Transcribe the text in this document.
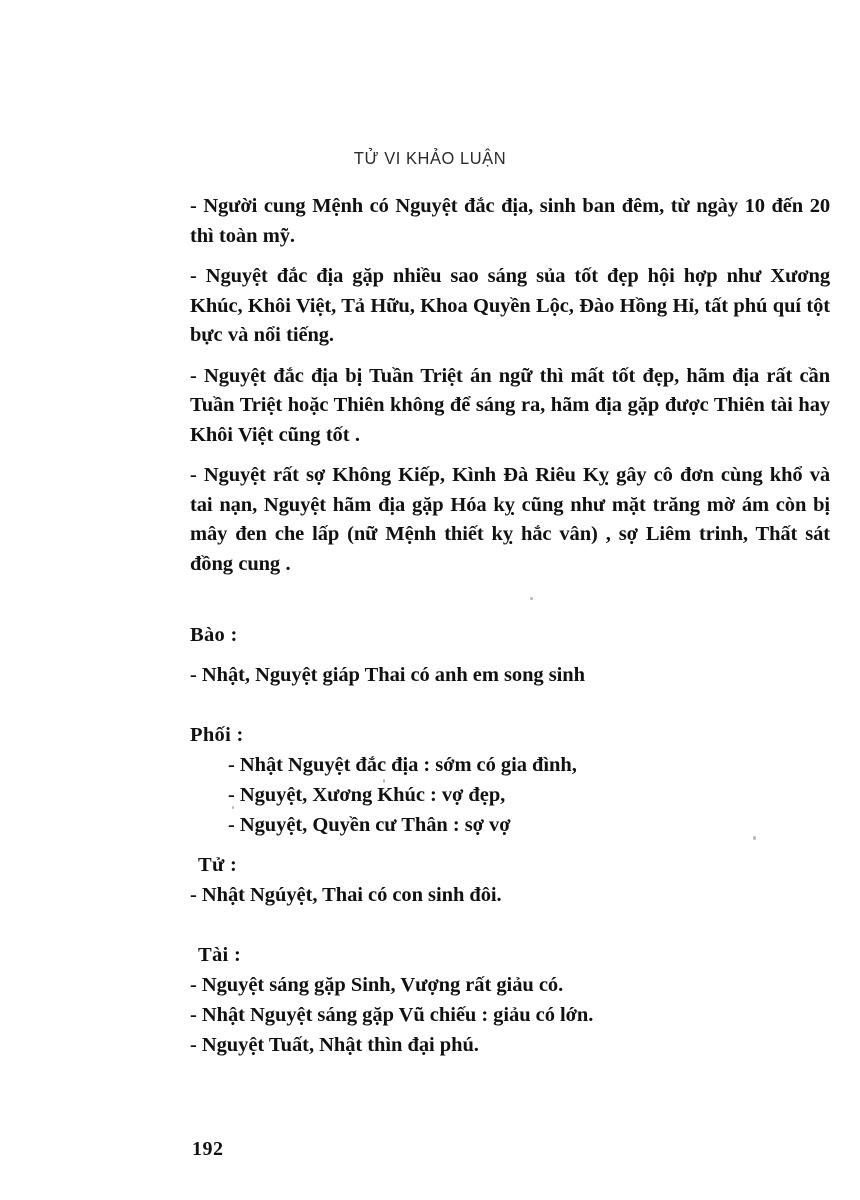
TỬ VI KHẢO LUẬN

- Người cung Mệnh có Nguyệt đắc địa, sinh ban đêm, từ ngày 10 đến 20 thì toàn mỹ.

- Nguyệt đắc địa gặp nhiều sao sáng sủa tốt đẹp hội hợp như Xương Khúc, Khôi Việt, Tả Hữu, Khoa Quyền Lộc, Đào Hồng Hỉ, tất phú quí tột bực và nổi tiếng.

- Nguyệt đắc địa bị Tuần Triệt án ngữ thì mất tốt đẹp, hãm địa rất cần Tuần Triệt hoặc Thiên không để sáng ra, hãm địa gặp được Thiên tài hay Khôi Việt cũng tốt .

- Nguyệt rất sợ Không Kiếp, Kình Đà Riêu Kỵ gây cô đơn cùng khổ và tai nạn, Nguyệt hãm địa gặp Hóa kỵ cũng như mặt trăng mờ ám còn bị mây đen che lấp (nữ Mệnh thiết kỵ hắc vân) , sợ Liêm trinh, Thất sát đồng cung .

Bào :

- Nhật, Nguyệt giáp Thai có anh em song sinh

Phối :

- Nhật Nguyệt đắc địa : sớm có gia đình,

- Nguyệt, Xương Khúc : vợ đẹp,

- Nguyệt, Quyền cư Thân : sợ vợ

Tử :

- Nhật Ngúyệt, Thai có con sinh đôi.

Tài :

- Nguyệt sáng gặp Sinh, Vượng rất giảu có.

- Nhật Nguyệt sáng gặp Vũ chiếu : giảu có lớn.

- Nguyệt Tuất, Nhật thìn đại phú.

192
